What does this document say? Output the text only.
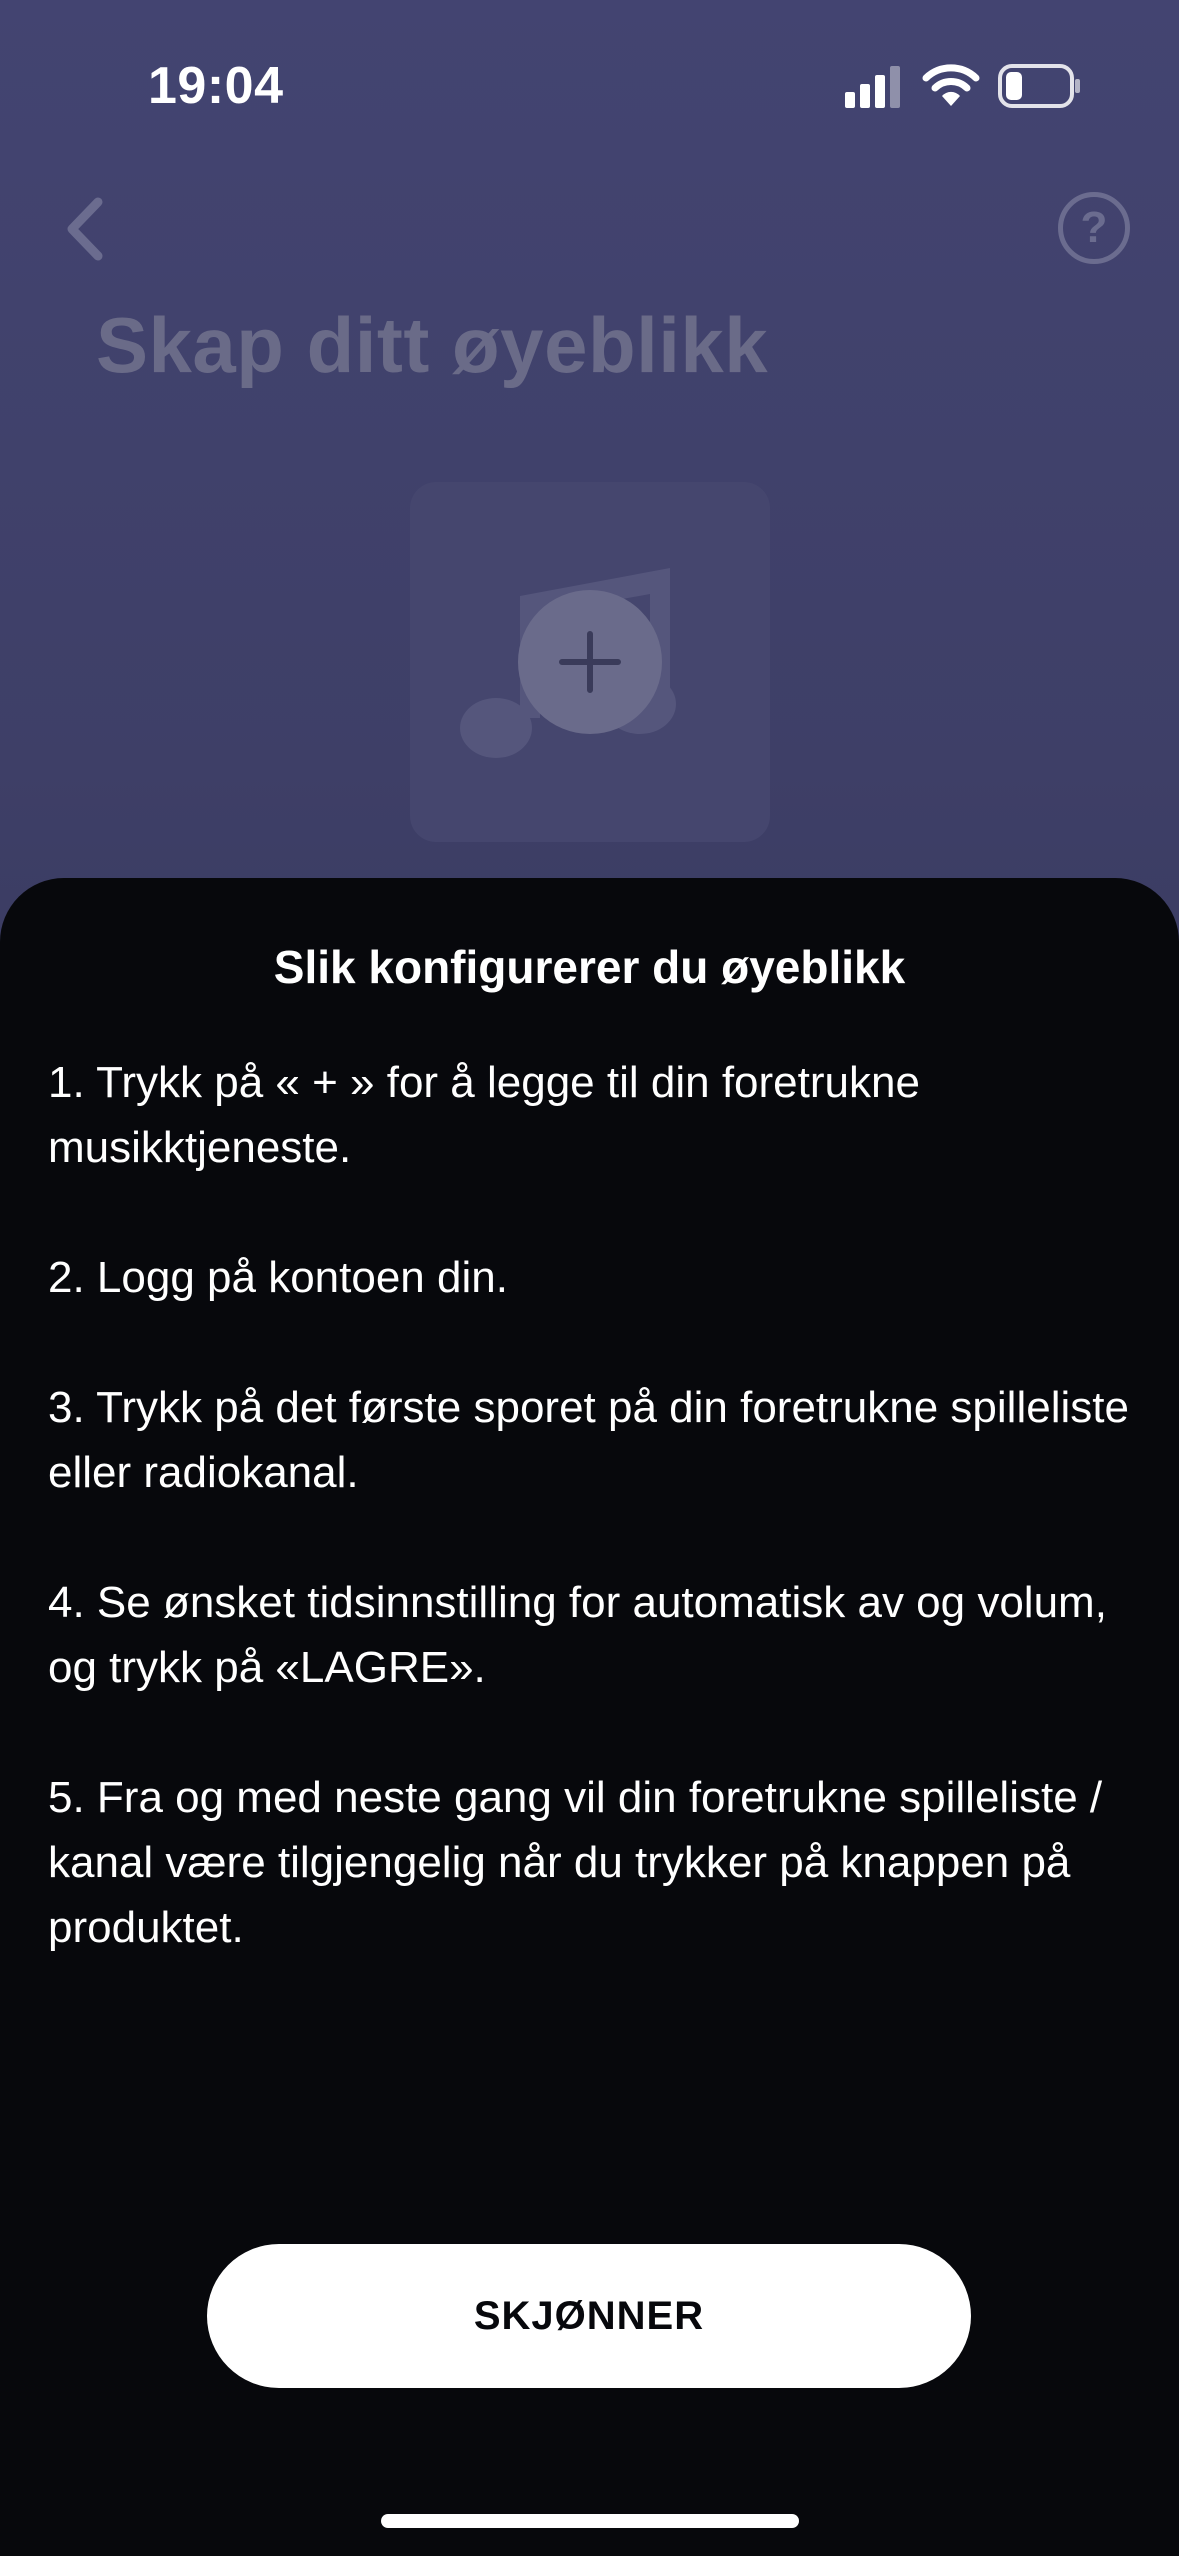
19:04
?
Skap ditt øyeblikk
Slik konfigurerer du øyeblikk

1. Trykk på « + » for å legge til din foretrukne musikktjeneste.

2. Logg på kontoen din.

3. Trykk på det første sporet på din foretrukne spilleliste eller radiokanal.

4. Se ønsket tidsinnstilling for automatisk av og volum, og trykk på «LAGRE».

5. Fra og med neste gang vil din foretrukne spilleliste / kanal være tilgjengelig når du trykker på knappen på produktet.

SKJØNNER
